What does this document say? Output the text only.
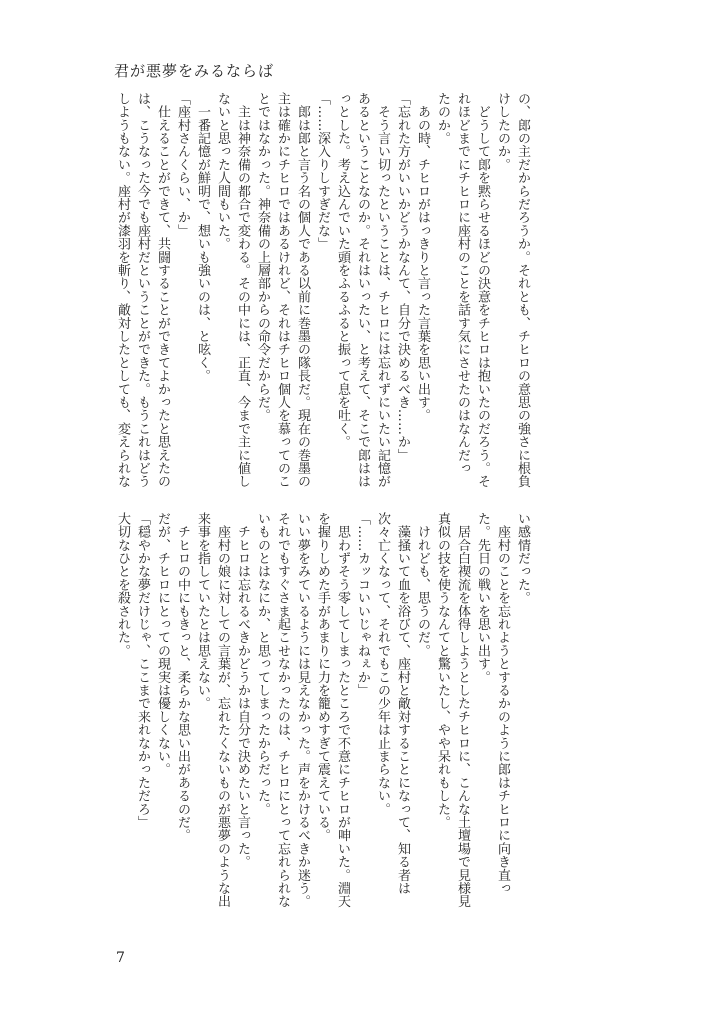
君が悪夢をみるならば
の、郎の主だからだろうか。それとも、チヒロの意思の強さに根負
けしたのか。
　どうして郎を黙らせるほどの決意をチヒロは抱いたのだろう。そ
れほどまでにチヒロに座村のことを話す気にさせたのはなんだっ
たのか。
　あの時、チヒロがはっきりと言った言葉を思い出す。
「忘れた方がいいかどうかなんて、自分で決めるべき……か」
　そう言い切ったということは、チヒロには忘れずにいたい記憶が
あるということなのか。それはいったい、と考えて、そこで郎はは
っとした。考え込んでいた頭をふるふると振って息を吐く。
「……深入りしすぎだな」
　郎は郎と言う名の個人である以前に巻墨の隊長だ。現在の巻墨の
主は確かにチヒロではあるけれど、それはチヒロ個人を慕ってのこ
とではなかった。神奈備の上層部からの命令だからだ。
　主は神奈備の都合で変わる。その中には、正直、今まで主に値し
ないと思った人間もいた。
　一番記憶が鮮明で、想いも強いのは、と呟く。
「座村さんくらい、か」
　仕えることができて、共闘することができてよかったと思えたの
は、こうなった今でも座村だということができた。もうこれはどう
しようもない。座村が漆羽を斬り、敵対したとしても、変えられな
い感情だった。
　座村のことを忘れようとするかのように郎はチヒロに向き直っ
た。先日の戦いを思い出す。
　居合白禊流を体得しようとしたチヒロに、こんな土壇場で見様見
真似の技を使うなんてと驚いたし、やや呆れもした。
　けれども、思うのだ。
　藻掻いて血を浴びて、座村と敵対することになって、知る者は
次々亡くなって、それでもこの少年は止まらない。
「……カッコいいじゃねぇか」
　思わずそう零してしまったところで不意にチヒロが呻いた。淵天
を握りしめた手があまりに力を籠めすぎて震えている。
いい夢をみているようには見えなかった。声をかけるべきか迷う。
それでもすぐさま起こせなかったのは、チヒロにとって忘れられな
いものとはなにか、と思ってしまったからだった。
　チヒロは忘れるべきかどうかは自分で決めたいと言った。
　座村の娘に対しての言葉が、忘れたくないものが悪夢のような出
来事を指していたとは思えない。
　チヒロの中にもきっと、柔らかな思い出があるのだ。
だが、チヒロにとっての現実は優しくない。
「穏やかな夢だけじゃ、ここまで来れなかっただろ」
大切なひとを殺された。
7
